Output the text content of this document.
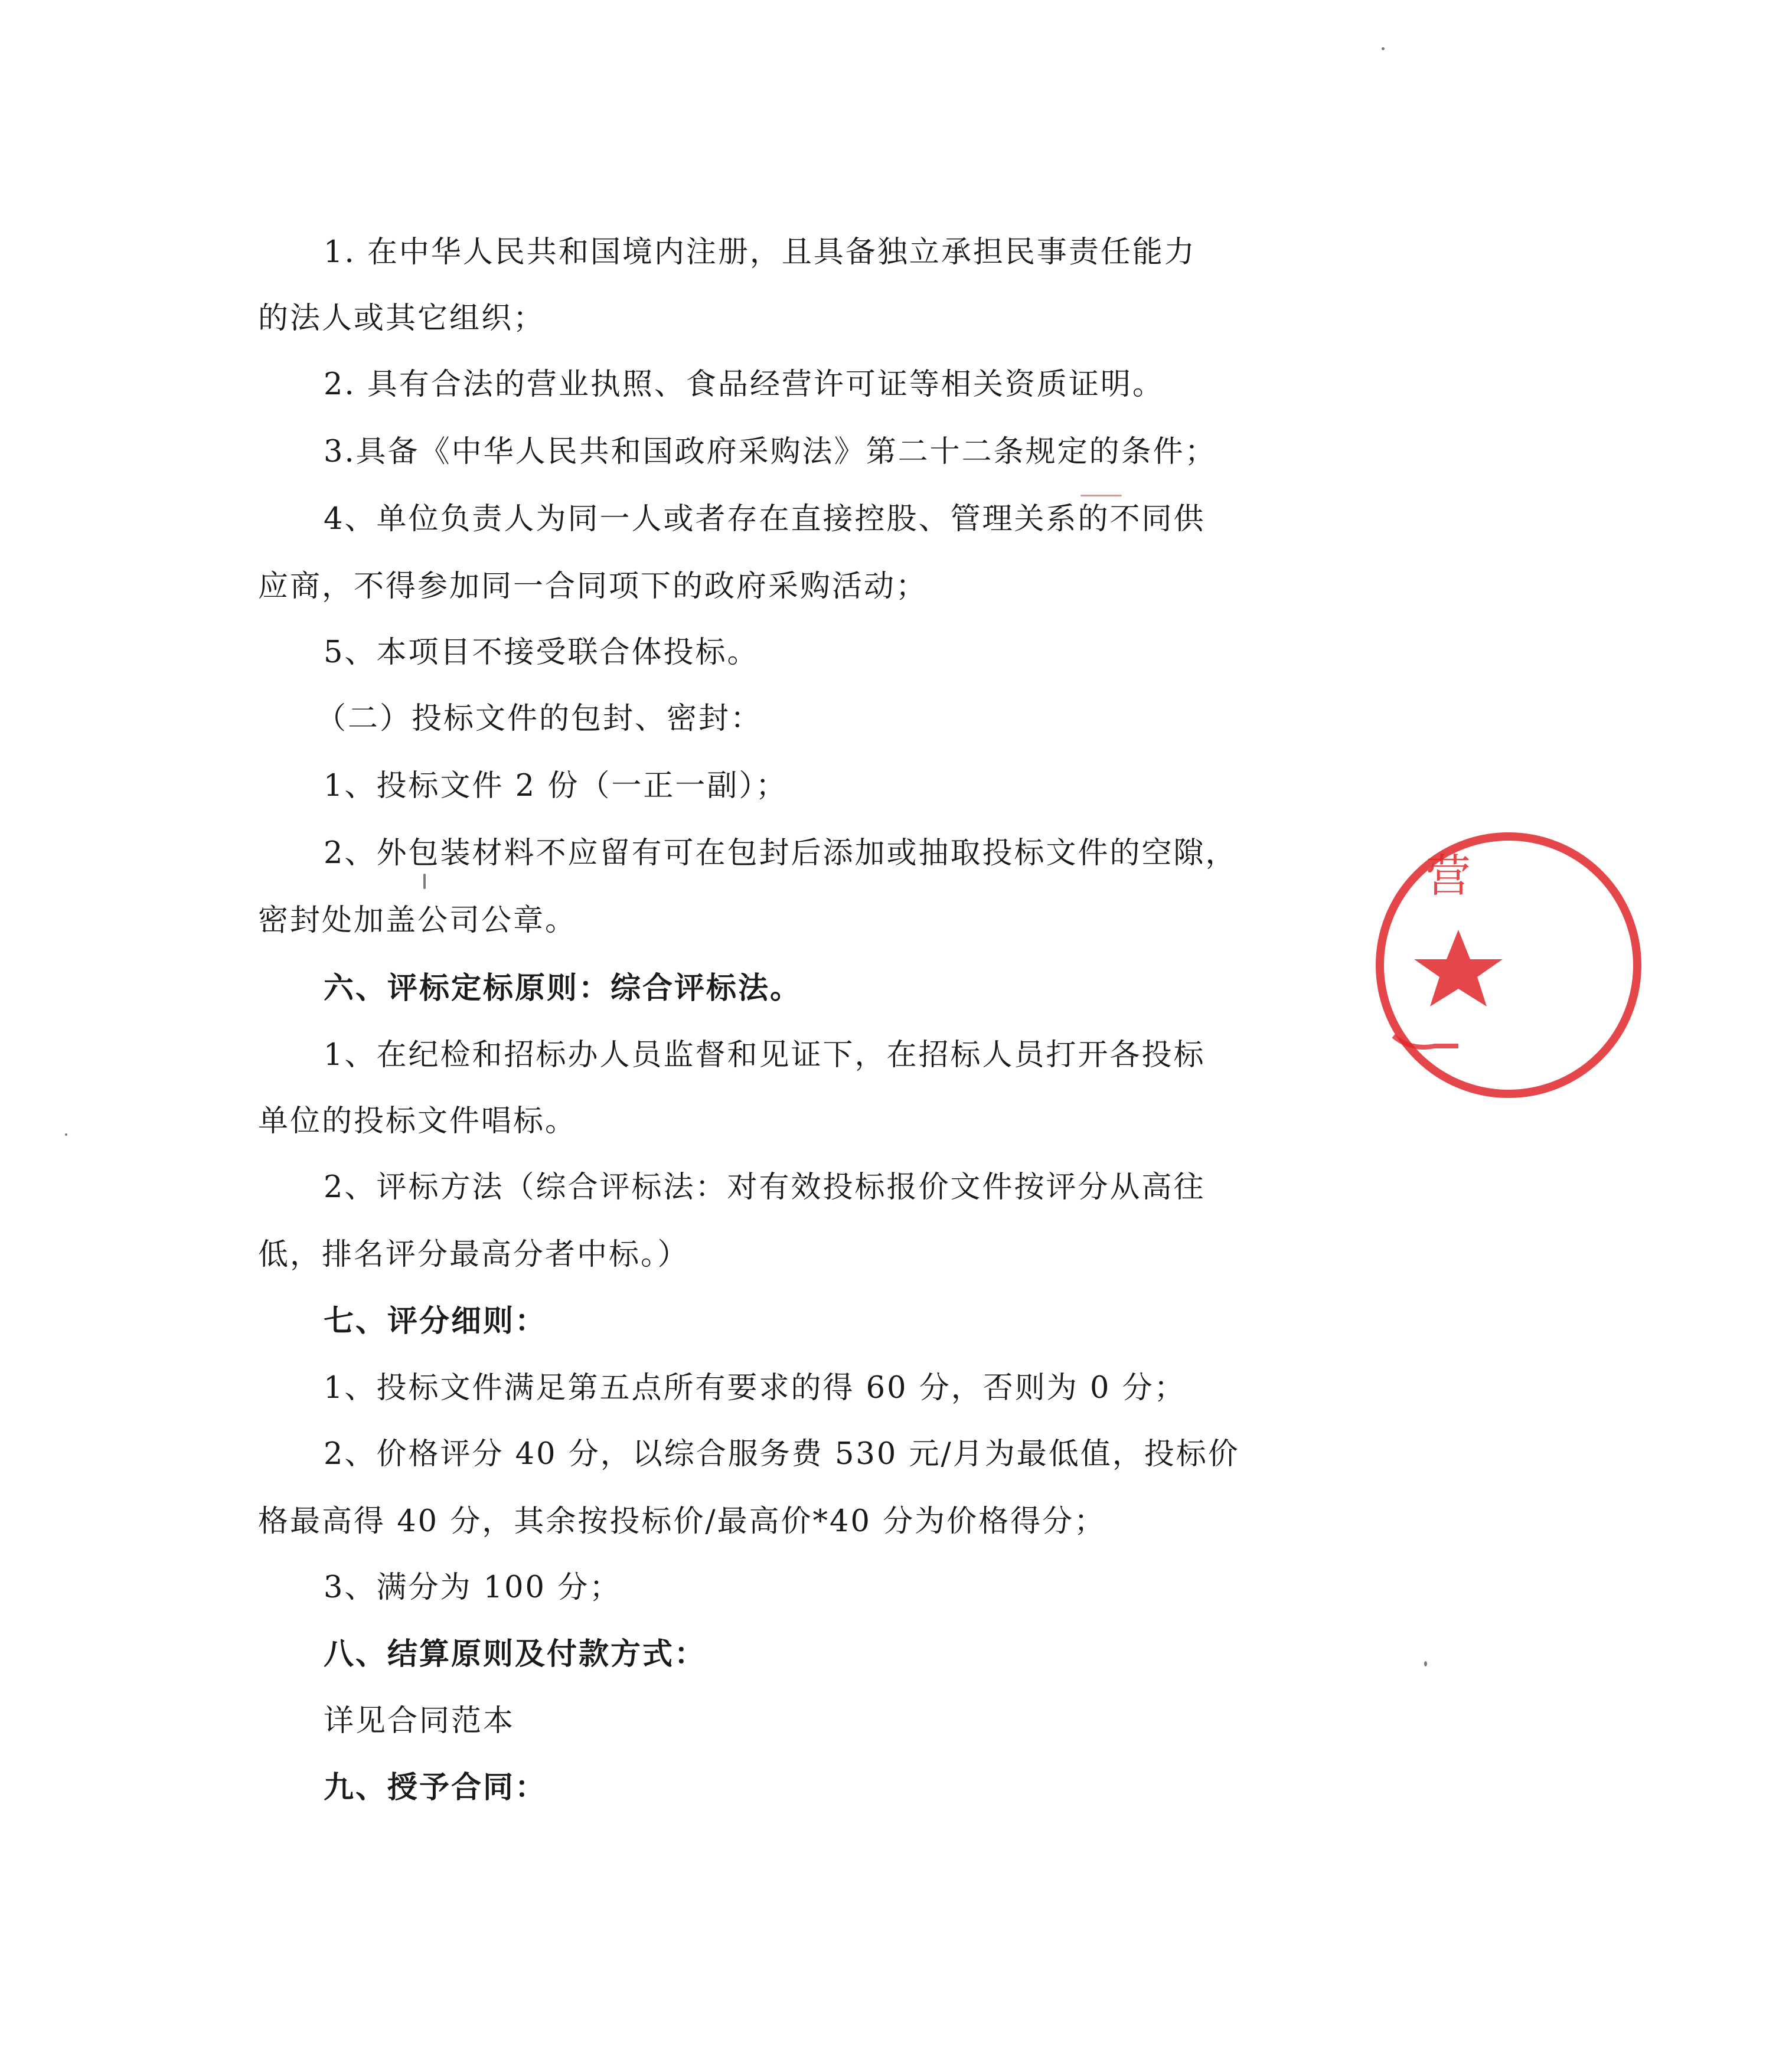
1. 在中华人民共和国境内注册，且具备独立承担民事责任能力
的法人或其它组织；
2. 具有合法的营业执照、食品经营许可证等相关资质证明。
3.具备《中华人民共和国政府采购法》第二十二条规定的条件；
4、单位负责人为同一人或者存在直接控股、管理关系的不同供
应商，不得参加同一合同项下的政府采购活动；
5、本项目不接受联合体投标。
（二）投标文件的包封、密封：
1、投标文件 2 份（一正一副）；
2、外包装材料不应留有可在包封后添加或抽取投标文件的空隙，
密封处加盖公司公章。
六、评标定标原则：综合评标法。
1、在纪检和招标办人员监督和见证下，在招标人员打开各投标
单位的投标文件唱标。
2、评标方法（综合评标法：对有效投标报价文件按评分从高往
低，排名评分最高分者中标。）
七、评分细则：
1、投标文件满足第五点所有要求的得 60 分，否则为 0 分；
2、价格评分 40 分，以综合服务费 530 元/月为最低值，投标价
格最高得 40 分，其余按投标价/最高价*40 分为价格得分；
3、满分为 100 分；
八、结算原则及付款方式：
详见合同范本
九、授予合同：
营
